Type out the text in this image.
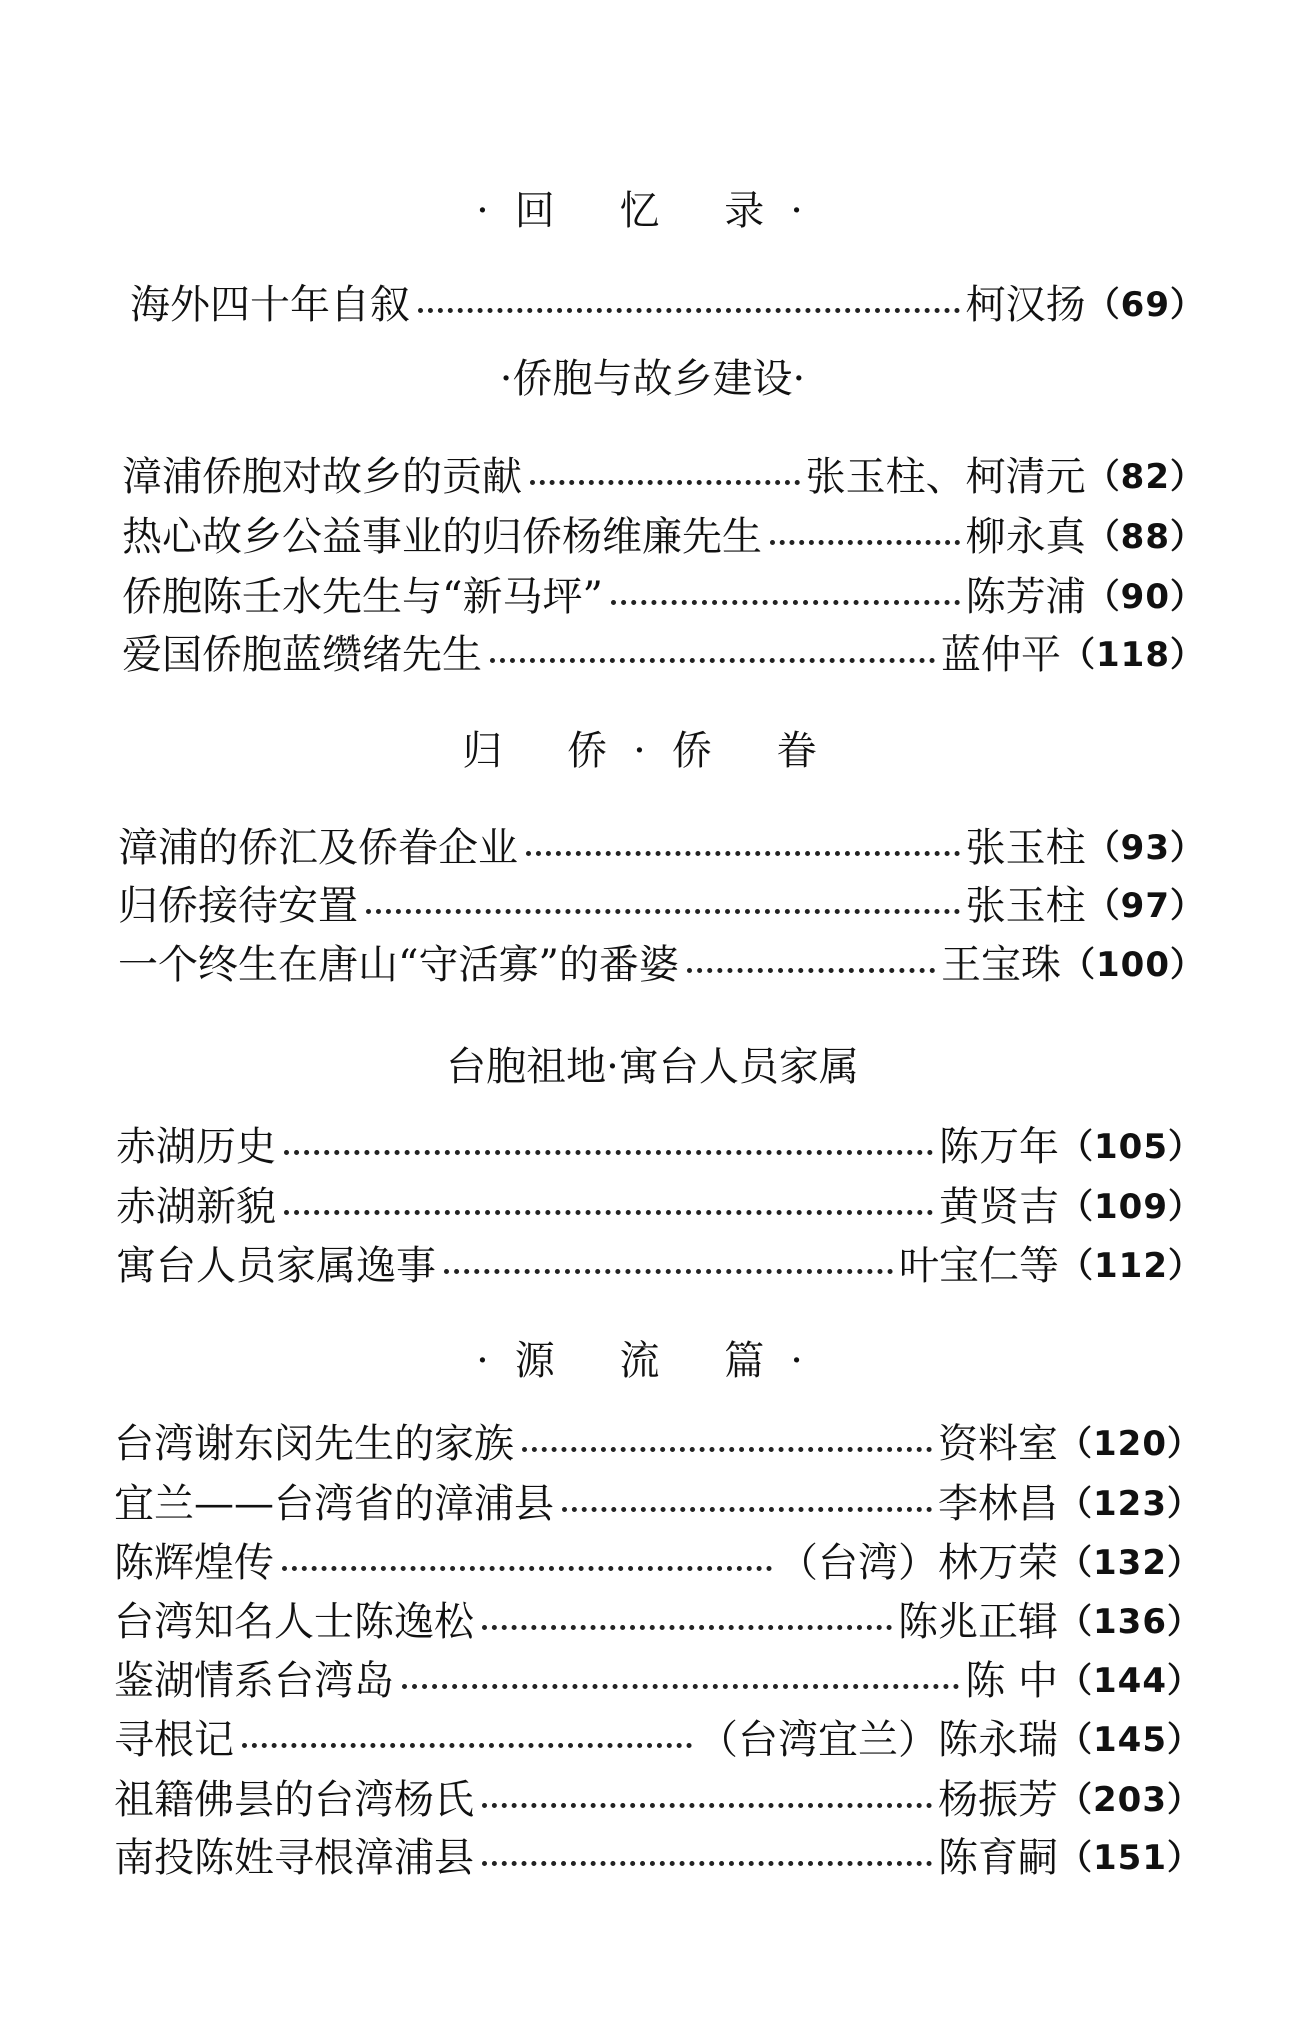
·回 忆 录·
海外四十年自叙	柯汉扬 （69）
·侨胞与故乡建设·
漳浦侨胞对故乡的贡献	张玉柱、柯清元 （82）
热心故乡公益事业的归侨杨维廉先生	柳永真 （88）
侨胞陈壬水先生与“新马坪”	陈芳浦 （90）
爱国侨胞蓝缵绪先生	蓝仲平 （118）
归 侨·侨 眷
漳浦的侨汇及侨眷企业	张玉柱 （93）
归侨接待安置	张玉柱 （97）
一个终生在唐山“守活寡”的番婆	王宝珠 （100）
台胞祖地·寓台人员家属
赤湖历史	陈万年 （105）
赤湖新貌	黄贤吉 （109）
寓台人员家属逸事	叶宝仁等 （112）
·源 流 篇·
台湾谢东闵先生的家族	资料室 （120）
宜兰——台湾省的漳浦县	李林昌 （123）
陈辉煌传	（台湾）林万荣 （132）
台湾知名人士陈逸松	陈兆正辑 （136）
鉴湖情系台湾岛	陈 中 （144）
寻根记	（台湾宜兰）陈永瑞 （145）
祖籍佛昙的台湾杨氏	杨振芳 （203）
南投陈姓寻根漳浦县	陈育嗣 （151）
